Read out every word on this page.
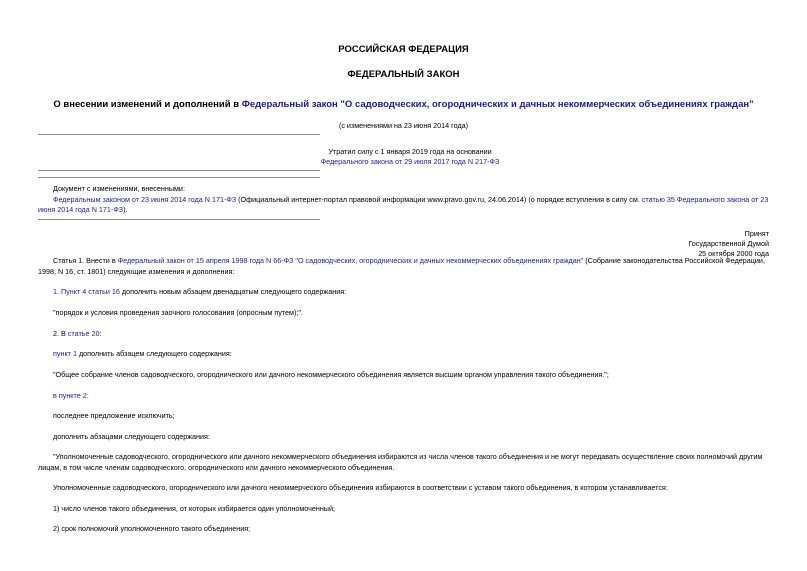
РОССИЙСКАЯ ФЕДЕРАЦИЯ
ФЕДЕРАЛЬНЫЙ ЗАКОН
О внесении изменений и дополнений в Федеральный закон "О садоводческих, огороднических и дачных некоммерческих объединениях граждан"
(с изменениями на 23 июня 2014 года)
Утратил силу с 1 января 2019 года на основании
Федерального закона от 29 июля 2017 года N 217-ФЗ
Документ с изменениями, внесенными:
Федеральным законом от 23 июня 2014 года N 171-ФЗ (Официальный интернет-портал правовой информации www.pravo.gov.ru, 24.06.2014) (о порядке вступления в силу см. статью 35 Федерального закона от 23 июня 2014 года N 171-ФЗ).
Принят
Государственной Думой
25 октября 2000 года
Статья 1. Внести в Федеральный закон от 15 апреля 1998 года N 66-ФЗ "О садоводческих, огороднических и дачных некоммерческих объединениях граждан" (Собрание законодательства Российской Федерации, 1998, N 16, ст. 1801) следующие изменения и дополнения:
1. Пункт 4 статьи 16 дополнить новым абзацем двенадцатым следующего содержания:
"порядок и условия проведения заочного голосования (опросным путем);".
2. В статье 20:
пункт 1 дополнить абзацем следующего содержания:
"Общее собрание членов садоводческого, огороднического или дачного некоммерческого объединения является высшим органом управления такого объединения.";
в пункте 2:
последнее предложение исключить;
дополнить абзацами следующего содержания:
"Уполномоченные садоводческого, огороднического или дачного некоммерческого объединения избираются из числа членов такого объединения и не могут передавать осуществление своих полномочий другим лицам, в том числе членам садоводческого, огороднического или дачного некоммерческого объединения.
Уполномоченные садоводческого, огороднического или дачного некоммерческого объединения избираются в соответствии с уставом такого объединения, в котором устанавливается:
1) число членов такого объединения, от которых избирается один уполномоченный;
2) срок полномочий уполномоченного такого объединения;
